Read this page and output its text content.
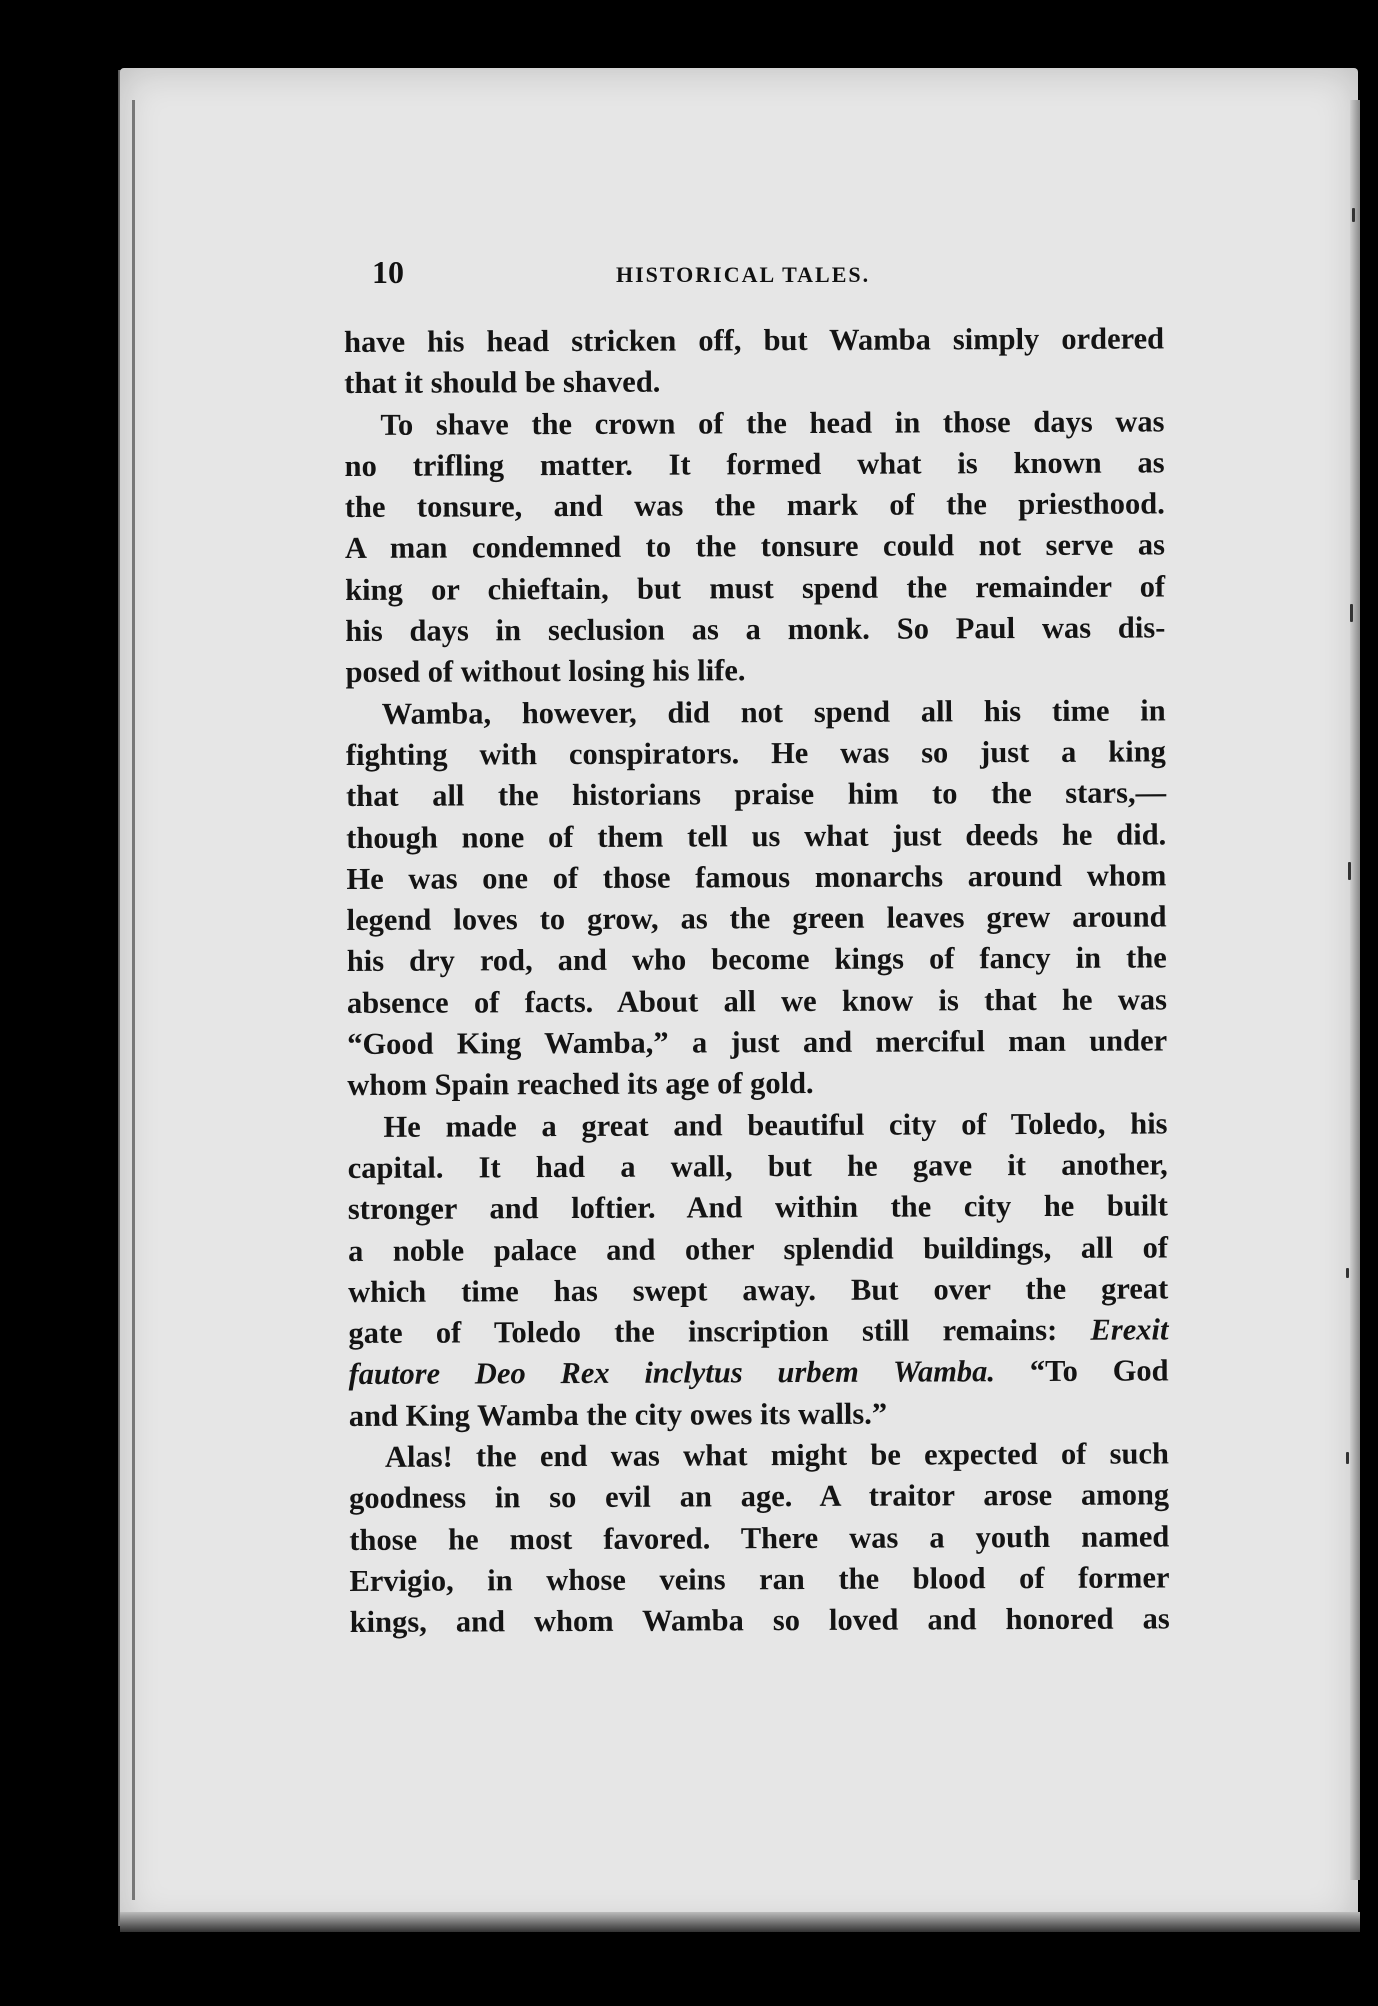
10	HISTORICAL TALES.
have his head stricken off, but Wamba simply ordered
that it should be shaved.
To shave the crown of the head in those days was
no trifling matter. It formed what is known as
the tonsure, and was the mark of the priesthood.
A man condemned to the tonsure could not serve as
king or chieftain, but must spend the remainder of
his days in seclusion as a monk. So Paul was dis-
posed of without losing his life.
Wamba, however, did not spend all his time in
fighting with conspirators. He was so just a king
that all the historians praise him to the stars,—
though none of them tell us what just deeds he did.
He was one of those famous monarchs around whom
legend loves to grow, as the green leaves grew around
his dry rod, and who become kings of fancy in the
absence of facts. About all we know is that he was
“Good King Wamba,” a just and merciful man under
whom Spain reached its age of gold.
He made a great and beautiful city of Toledo, his
capital. It had a wall, but he gave it another,
stronger and loftier. And within the city he built
a noble palace and other splendid buildings, all of
which time has swept away. But over the great
gate of Toledo the inscription still remains: Erexit
fautore Deo Rex inclytus urbem Wamba. “To God
and King Wamba the city owes its walls.”
Alas! the end was what might be expected of such
goodness in so evil an age. A traitor arose among
those he most favored. There was a youth named
Ervigio, in whose veins ran the blood of former
kings, and whom Wamba so loved and honored as
